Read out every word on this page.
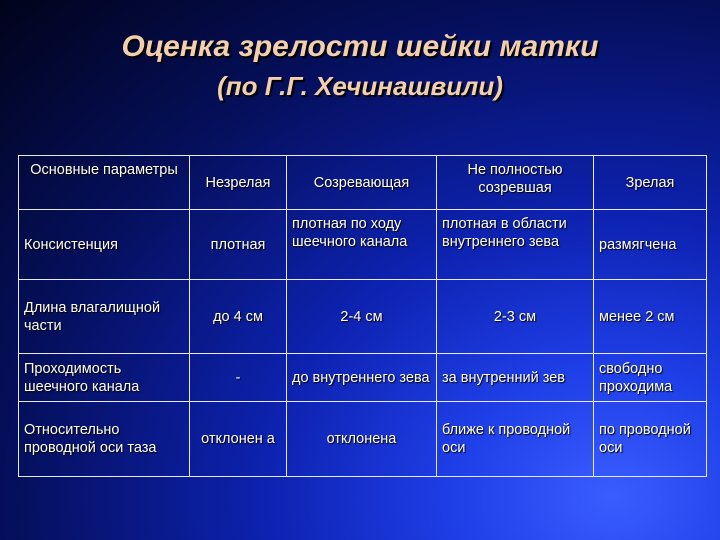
Оценка зрелости шейки матки
(по Г.Г. Хечинашвили)
Основные параметры	Незрелая	Созревающая	Не полностью созревшая	Зрелая
Консистенция	плотная	плотная по ходу шеечного канала	плотная в области внутреннего зева	размягчена
Длина влагалищной части	до 4 см	2-4 см	2-3 см	менее 2 см
Проходимость шеечного канала	-	до внутреннего зева	за внутренний зев	свободно проходима
Относительно проводной оси таза	отклонен а	отклонена	ближе к проводной оси	по проводной оси
